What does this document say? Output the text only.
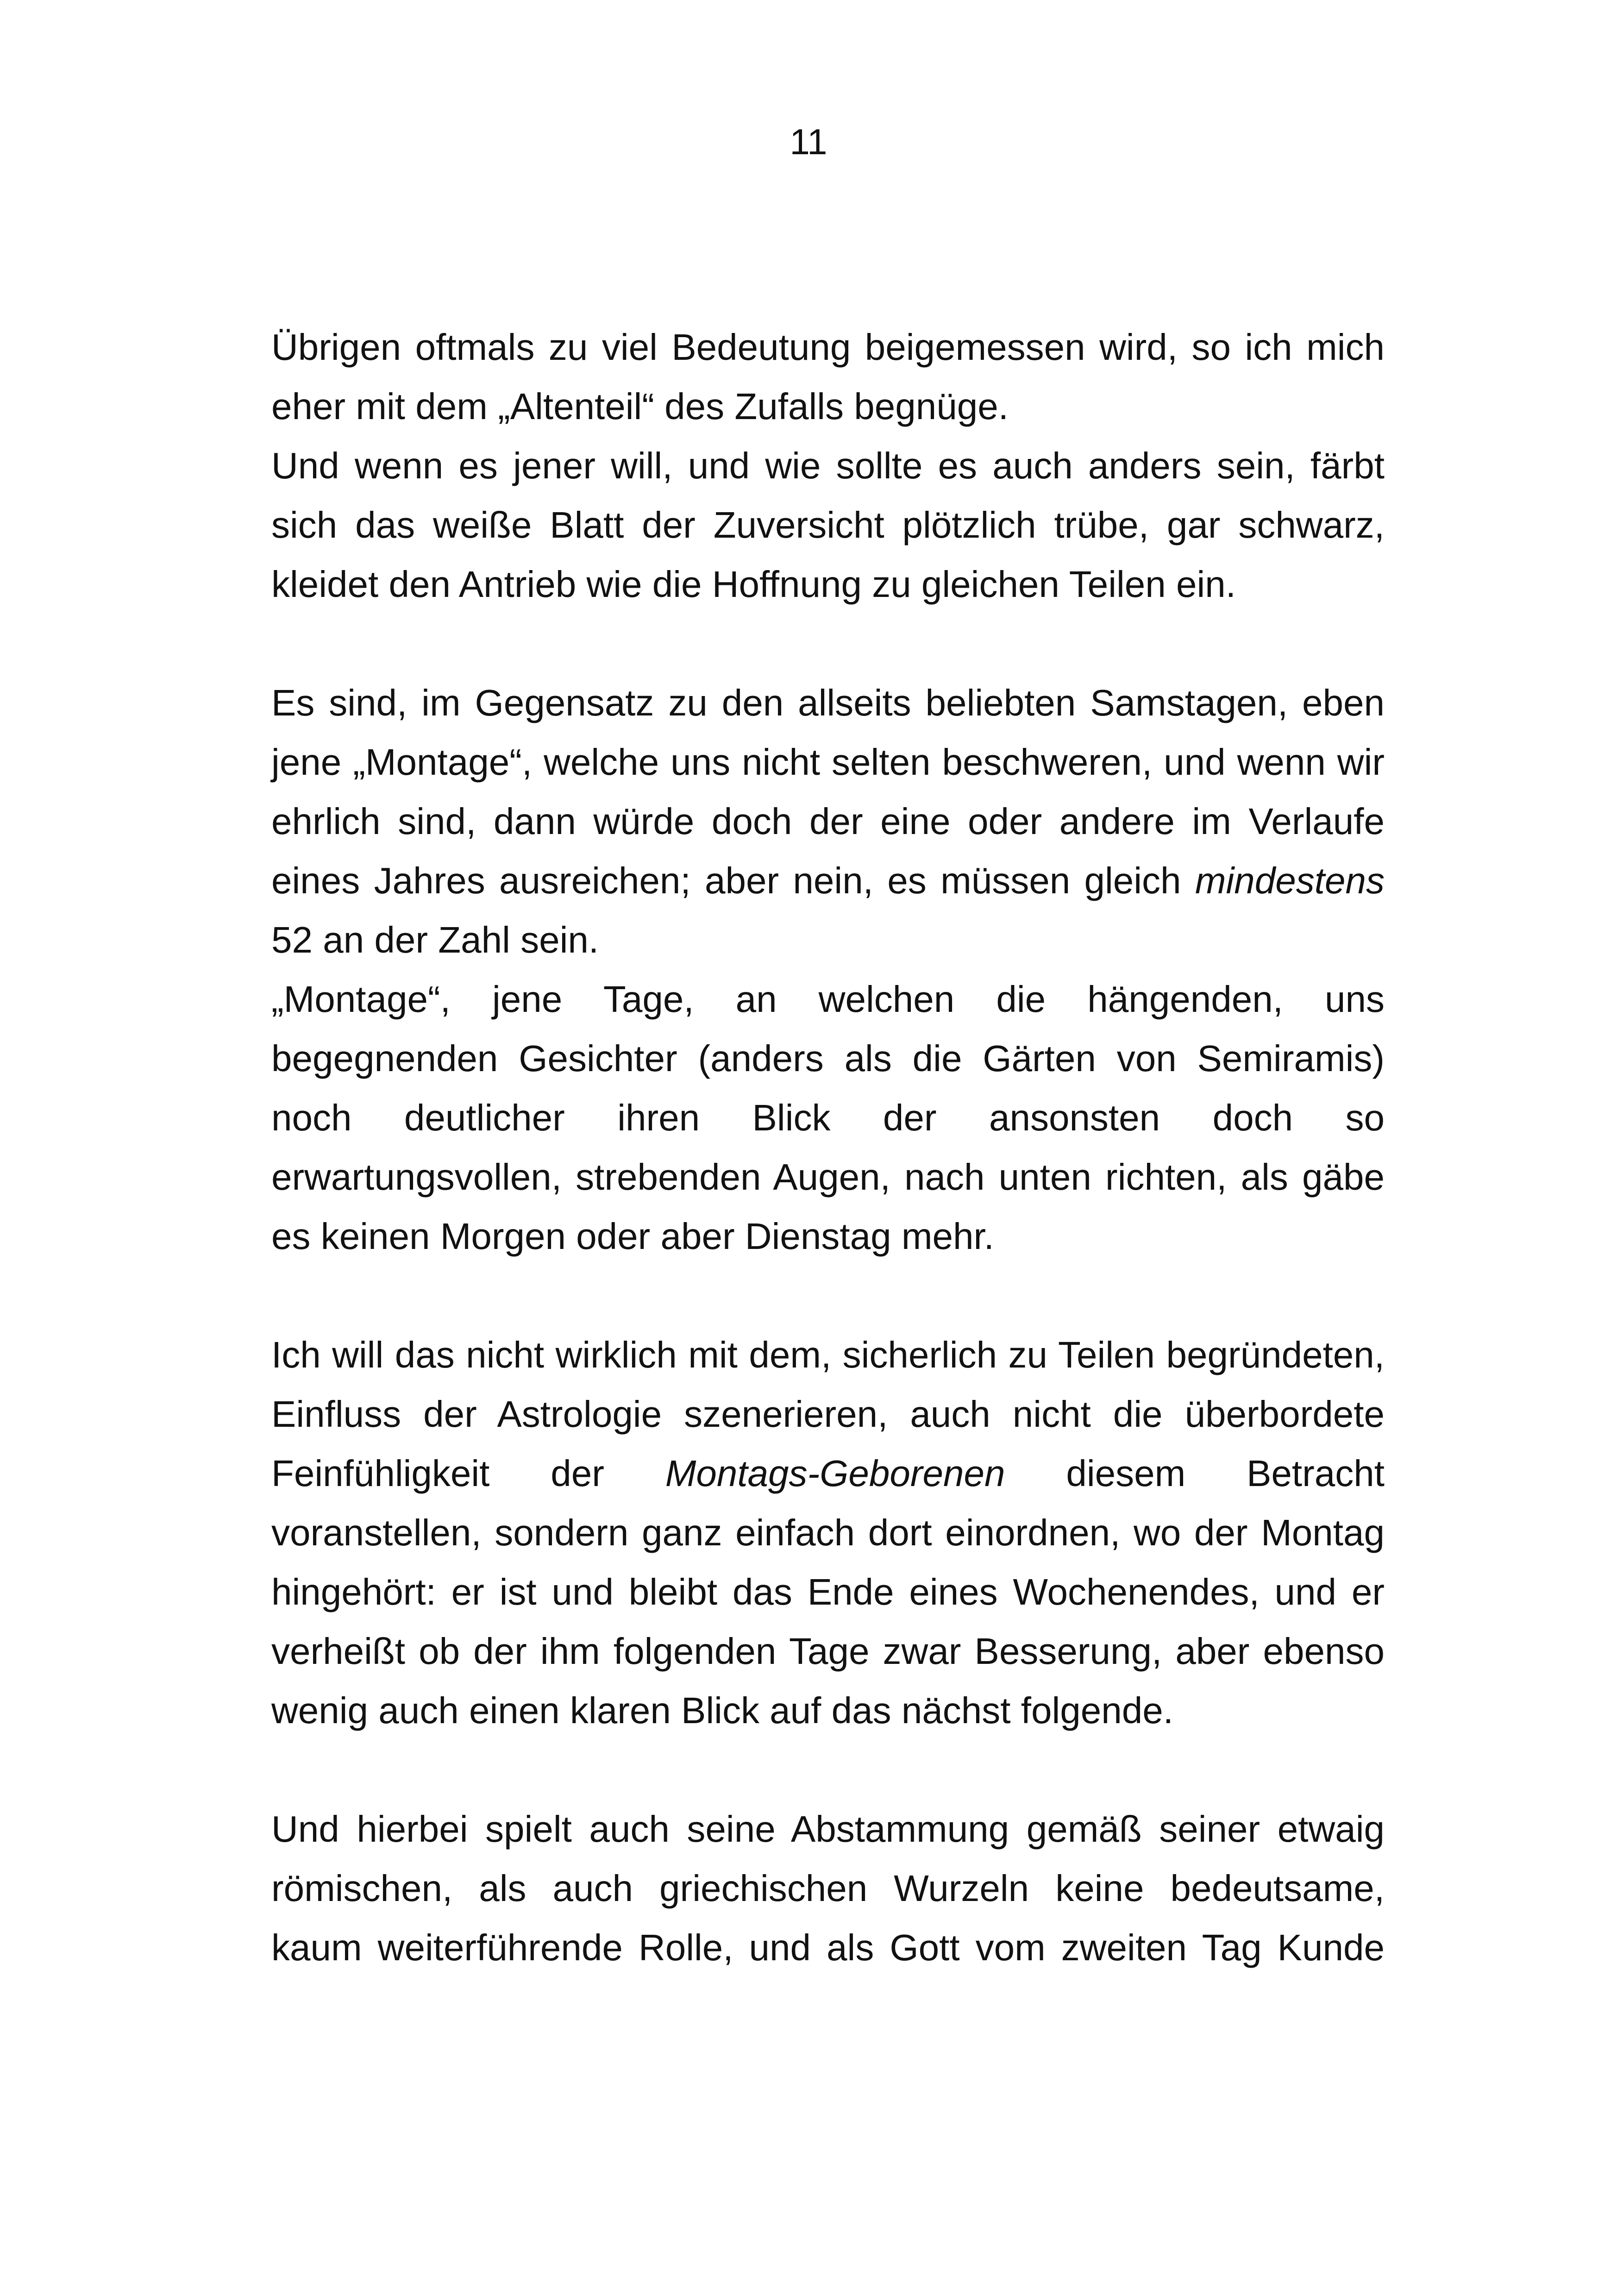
11

Übrigen oftmals zu viel Bedeutung beigemessen wird, so ich mich eher mit dem „Altenteil“ des Zufalls begnüge.

Und wenn es jener will, und wie sollte es auch anders sein, färbt sich das weiße Blatt der Zuversicht plötzlich trübe, gar schwarz, kleidet den Antrieb wie die Hoffnung zu gleichen Teilen ein.

Es sind, im Gegensatz zu den allseits beliebten Samstagen, eben jene „Montage“, welche uns nicht selten beschweren, und wenn wir ehrlich sind, dann würde doch der eine oder andere im Verlaufe eines Jahres ausreichen; aber nein, es müssen gleich mindestens 52 an der Zahl sein.

„Montage“, jene Tage, an welchen die hängenden, uns begegnenden Gesichter (anders als die Gärten von Semiramis) noch deutlicher ihren Blick der ansonsten doch so erwartungsvollen, strebenden Augen, nach unten richten, als gäbe es keinen Morgen oder aber Dienstag mehr.

Ich will das nicht wirklich mit dem, sicherlich zu Teilen begründeten, Einfluss der Astrologie szenerieren, auch nicht die überbordete Feinfühligkeit der Montags-Geborenen diesem Betracht voranstellen, sondern ganz einfach dort einordnen, wo der Montag hingehört: er ist und bleibt das Ende eines Wochenendes, und er verheißt ob der ihm folgenden Tage zwar Besserung, aber ebenso wenig auch einen klaren Blick auf das nächst folgende.

Und hierbei spielt auch seine Abstammung gemäß seiner etwaig römischen, als auch griechischen Wurzeln keine bedeutsame, kaum weiterführende Rolle, und als Gott vom zweiten Tag Kunde
